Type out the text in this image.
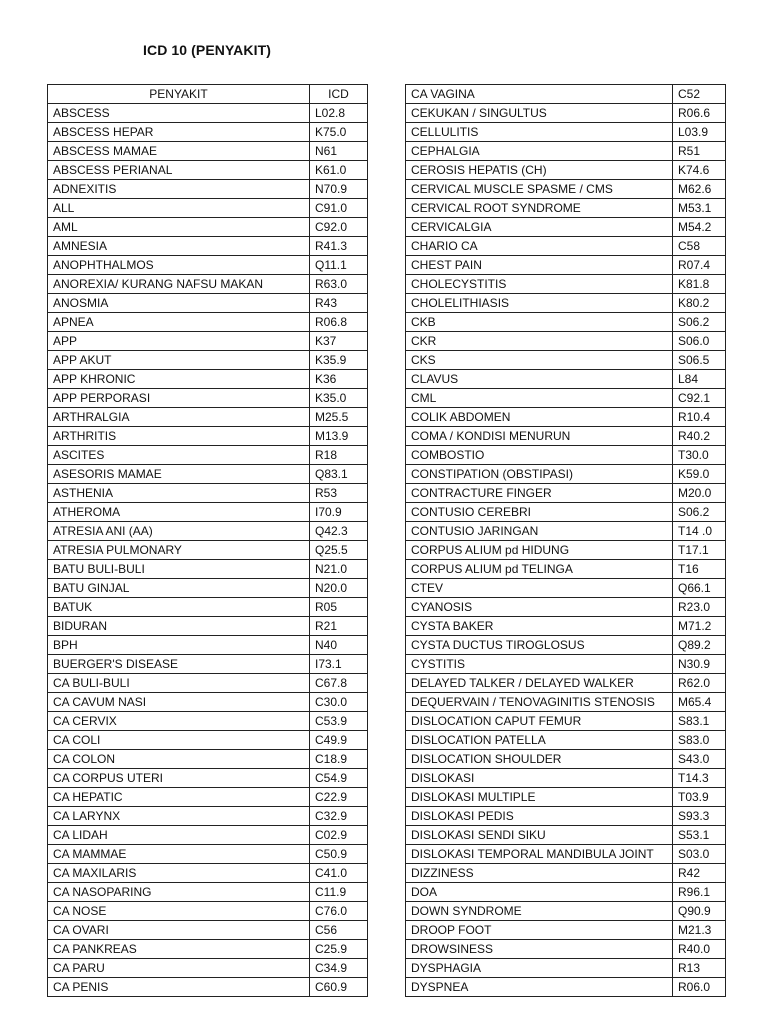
ICD 10 (PENYAKIT)
PENYAKIT	ICD
ABSCESS	L02.8
ABSCESS HEPAR	K75.0
ABSCESS MAMAE	N61
ABSCESS PERIANAL	K61.0
ADNEXITIS	N70.9
ALL	C91.0
AML	C92.0
AMNESIA	R41.3
ANOPHTHALMOS	Q11.1
ANOREXIA/ KURANG NAFSU MAKAN	R63.0
ANOSMIA	R43
APNEA	R06.8
APP	K37
APP AKUT	K35.9
APP KHRONIC	K36
APP PERPORASI	K35.0
ARTHRALGIA	M25.5
ARTHRITIS	M13.9
ASCITES	R18
ASESORIS MAMAE	Q83.1
ASTHENIA	R53
ATHEROMA	I70.9
ATRESIA ANI (AA)	Q42.3
ATRESIA PULMONARY	Q25.5
BATU BULI-BULI	N21.0
BATU GINJAL	N20.0
BATUK	R05
BIDURAN	R21
BPH	N40
BUERGER'S DISEASE	I73.1
CA BULI-BULI	C67.8
CA CAVUM NASI	C30.0
CA CERVIX	C53.9
CA COLI	C49.9
CA COLON	C18.9
CA CORPUS UTERI	C54.9
CA HEPATIC	C22.9
CA LARYNX	C32.9
CA LIDAH	C02.9
CA MAMMAE	C50.9
CA MAXILARIS	C41.0
CA NASOPARING	C11.9
CA NOSE	C76.0
CA OVARI	C56
CA PANKREAS	C25.9
CA PARU	C34.9
CA PENIS	C60.9
CA VAGINA	C52
CEKUKAN / SINGULTUS	R06.6
CELLULITIS	L03.9
CEPHALGIA	R51
CEROSIS HEPATIS (CH)	K74.6
CERVICAL MUSCLE SPASME / CMS	M62.6
CERVICAL ROOT SYNDROME	M53.1
CERVICALGIA	M54.2
CHARIO CA	C58
CHEST PAIN	R07.4
CHOLECYSTITIS	K81.8
CHOLELITHIASIS	K80.2
CKB	S06.2
CKR	S06.0
CKS	S06.5
CLAVUS	L84
CML	C92.1
COLIK ABDOMEN	R10.4
COMA / KONDISI MENURUN	R40.2
COMBOSTIO	T30.0
CONSTIPATION (OBSTIPASI)	K59.0
CONTRACTURE FINGER	M20.0
CONTUSIO CEREBRI	S06.2
CONTUSIO JARINGAN	T14 .0
CORPUS ALIUM pd HIDUNG	T17.1
CORPUS ALIUM pd TELINGA	T16
CTEV	Q66.1
CYANOSIS	R23.0
CYSTA BAKER	M71.2
CYSTA DUCTUS TIROGLOSUS	Q89.2
CYSTITIS	N30.9
DELAYED TALKER / DELAYED WALKER	R62.0
DEQUERVAIN / TENOVAGINITIS STENOSIS	M65.4
DISLOCATION CAPUT FEMUR	S83.1
DISLOCATION PATELLA	S83.0
DISLOCATION SHOULDER	S43.0
DISLOKASI	T14.3
DISLOKASI MULTIPLE	T03.9
DISLOKASI PEDIS	S93.3
DISLOKASI SENDI SIKU	S53.1
DISLOKASI TEMPORAL MANDIBULA JOINT	S03.0
DIZZINESS	R42
DOA	R96.1
DOWN SYNDROME	Q90.9
DROOP FOOT	M21.3
DROWSINESS	R40.0
DYSPHAGIA	R13
DYSPNEA	R06.0
